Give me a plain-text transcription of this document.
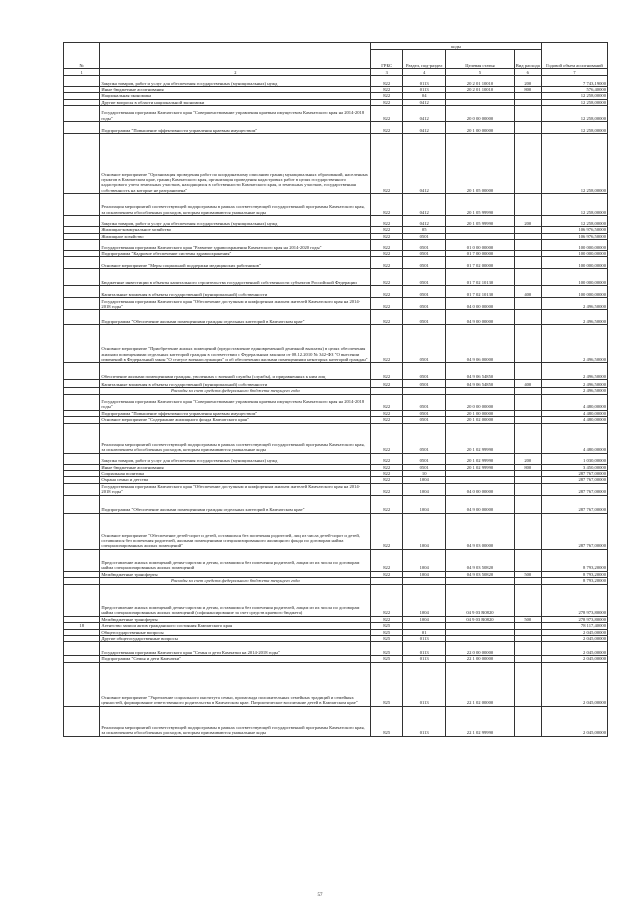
№		коды				Годовой объем ассигнований
		ГРБС	Раздел, под-раздел	Целевая статья	Вид расхода	
1	2	3	4	5	6	7
	Закупка товаров, работ и услуг для обеспечения государственных (муниципальных) нужд	822	0113	20 2 01 10010	200	7 743,19000
	Иные бюджетные ассигнования	822	0113	20 2 01 10010	800	576,40000
	Национальная экономика	822	04			12 258,00000
	Другие вопросы в области национальной экономики	822	0412			12 258,00000
	Государственная программа Камчатского края "Совершенствование управления краевым имуществом Камчатского края на 2014-2018 годы"	822	0412	20 0 00 00000		12 258,00000
	Подпрограмма "Повышение эффективности управления краевым имуществом"	822	0412	20 1 00 00000		12 258,00000
	Основное мероприятие "Организация проведения работ по координатному описанию границ муниципальных образований, населенных пунктов в Камчатском крае, границ Камчатского края, организация проведения кадастровых работ в целях государственного кадастрового учета земельных участков, находящихся в собственности Камчатского края, и земельных участков, государственная собственность на которые не разграничена"	822	0412	20 1 05 00000		12 258,00000
	Реализация мероприятий соответствующей подпрограммы в рамках соответствующей государственной программы Камчатского края, за исключением обособленных расходов, которым присваиваются уникальные коды	822	0412	20 1 05 99990		12 258,00000
	Закупка товаров, работ и услуг для обеспечения государственных (муниципальных) нужд	822	0412	20 1 05 99990	200	12 258,00000
	Жилищно-коммунальное хозяйство	822	05			106 976,50000
	Жилищное хозяйство	822	0501			106 976,50000
	Государственная программа Камчатского края "Развитие здравоохранения Камчатского края на 2014-2020 годы"	822	0501	01 0 00 00000		100 000,00000
	Подпрограмма "Кадровое обеспечение системы здравоохранения"	822	0501	01 7 00 00000		100 000,00000
	Основное мероприятие "Меры социальной поддержки медицинских работников"	822	0501	01 7 02 00000		100 000,00000
	Бюджетные инвестиции в объекты капитального строительства государственной собственности субъектов Российской Федерации	822	0501	01 7 02 10130		100 000,00000
	Капитальные вложения в объекты государственной (муниципальной) собственности	822	0501	01 7 02 10130	400	100 000,00000
	Государственная программа Камчатского края "Обеспечение доступным и комфортным жильем жителей Камчатского края на 2014-2018 годы"	822	0501	04 0 00 00000		2 496,50000
	Подпрограмма "Обеспечение жилыми помещениями граждан отдельных категорий в Камчатском крае"	822	0501	04 9 00 00000		2 496,50000
	Основное мероприятие "Приобретение жилых помещений (предоставление единовременной денежной выплаты) в целях обеспечения жилыми помещениями отдельных категорий граждан в соответствии с Федеральным законом от 08.12.2010 № 342-ФЗ "О внесении изменений в Федеральный закон "О статусе военнослужащих" и об обеспечении жилыми помещениями некоторых категорий граждан"	822	0501	04 9 06 00000		2 496,50000
	Обеспечение жилыми помещениями граждан, уволенных с военной службы (службы), и приравненных к ним лиц	822	0501	04 9 06 54850		2 496,50000
	Капитальные вложения в объекты государственной (муниципальной) собственности	822	0501	04 9 06 54850	400	2 496,50000
	Расходы за счет средств федерального бюджета текущего года					2 496,50000
	Государственная программа Камчатского края "Совершенствование управления краевым имуществом Камчатского края на 2014-2018 годы"	822	0501	20 0 00 00000		4 480,00000
	Подпрограмма "Повышение эффективности управления краевым имуществом"	822	0501	20 1 00 00000		4 480,00000
	Основное мероприятие "Содержание жилищного фонда Камчатского края"	822	0501	20 1 02 00000		4 480,00000
	Реализация мероприятий соответствующей подпрограммы в рамках соответствующей государственной программы Камчатского края, за исключением обособленных расходов, которым присваиваются уникальные коды	822	0501	20 1 02 99990		4 480,00000
	Закупка товаров, работ и услуг для обеспечения государственных (муниципальных) нужд	822	0501	20 1 02 99990	200	1 030,00000
	Иные бюджетные ассигнования	822	0501	20 1 02 99990	800	3 450,00000
	Социальная политика	822	10			287 767,00000
	Охрана семьи и детства	822	1004			287 767,00000
	Государственная программа Камчатского края "Обеспечение доступным и комфортным жильем жителей Камчатского края на 2014-2018 годы"	822	1004	04 0 00 00000		287 767,00000
	Подпрограмма "Обеспечение жилыми помещениями граждан отдельных категорий в Камчатском крае"	822	1004	04 9 00 00000		287 767,00000
	Основное мероприятие "Обеспечение детей-сирот и детей, оставшихся без попечения родителей, лиц из числа детей-сирот и детей, оставшихся без попечения родителей, жилыми помещениями специализированного жилищного фонда по договорам найма специализированных жилых помещений"	822	1004	04 9 03 00000		287 767,00000
	Предоставление жилых помещений детям-сиротам и детям, оставшимся без попечения родителей, лицам из их числа по договорам найма специализированных жилых помещений	822	1004	04 9 03 50820		8 793,20000
	Межбюджетные трансферты	822	1004	04 9 03 50820	500	8 793,20000
	Расходы за счет средств федерального бюджета текущего года					8 793,20000
	Предоставление жилых помещений детям-сиротам и детям, оставшимся без попечения родителей, лицам из их числа по договорам найма специализированных жилых помещений (софинансирование за счет средств краевого бюджета)	822	1004	04 9 03 R0820		278 973,80000
	Межбюджетные трансферты	822	1004	04 9 03 R0820	500	278 973,80000
18	Агентство записи актов гражданского состояния Камчатского края	825				78 117,40000
	Общегосударственные вопросы	825	01			2 045,00000
	Другие общегосударственные вопросы	825	0113			2 045,00000
	Государственная программа Камчатского края "Семья и дети Камчатки на 2014-2018 годы"	825	0113	22 0 00 00000		2 045,00000
	Подпрограмма "Семья и дети Камчатки"	825	0113	22 1 00 00000		2 045,00000
	Основное мероприятие "Укрепление социального института семьи, пропаганда положительных семейных традиций и семейных ценностей, формирование ответственного родительства в Камчатском крае. Патриотическое воспитание детей в Камчатском крае"	825	0113	22 1 02 00000		2 045,00000
	Реализация мероприятий соответствующей подпрограммы в рамках соответствующей государственной программы Камчатского края, за исключением обособленных расходов, которым присваиваются уникальные коды	825	0113	22 1 02 99990		2 045,00000
57
